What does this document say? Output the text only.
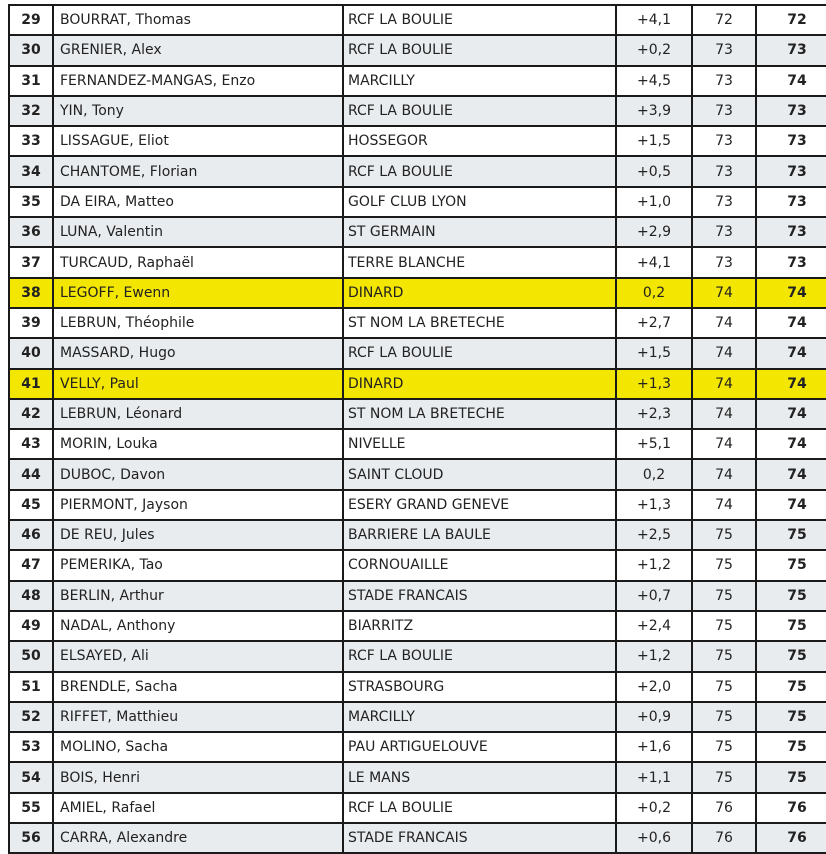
29	BOURRAT, Thomas	RCF LA BOULIE	+4,1	72	72
30	GRENIER, Alex	RCF LA BOULIE	+0,2	73	73
31	FERNANDEZ-MANGAS, Enzo	MARCILLY	+4,5	73	74
32	YIN, Tony	RCF LA BOULIE	+3,9	73	73
33	LISSAGUE, Eliot	HOSSEGOR	+1,5	73	73
34	CHANTOME, Florian	RCF LA BOULIE	+0,5	73	73
35	DA EIRA, Matteo	GOLF CLUB LYON	+1,0	73	73
36	LUNA, Valentin	ST GERMAIN	+2,9	73	73
37	TURCAUD, Raphaël	TERRE BLANCHE	+4,1	73	73
38	LEGOFF, Ewenn	DINARD	0,2	74	74
39	LEBRUN, Théophile	ST NOM LA BRETECHE	+2,7	74	74
40	MASSARD, Hugo	RCF LA BOULIE	+1,5	74	74
41	VELLY, Paul	DINARD	+1,3	74	74
42	LEBRUN, Léonard	ST NOM LA BRETECHE	+2,3	74	74
43	MORIN, Louka	NIVELLE	+5,1	74	74
44	DUBOC, Davon	SAINT CLOUD	0,2	74	74
45	PIERMONT, Jayson	ESERY GRAND GENEVE	+1,3	74	74
46	DE REU, Jules	BARRIERE LA BAULE	+2,5	75	75
47	PEMERIKA, Tao	CORNOUAILLE	+1,2	75	75
48	BERLIN, Arthur	STADE FRANCAIS	+0,7	75	75
49	NADAL, Anthony	BIARRITZ	+2,4	75	75
50	ELSAYED, Ali	RCF LA BOULIE	+1,2	75	75
51	BRENDLE, Sacha	STRASBOURG	+2,0	75	75
52	RIFFET, Matthieu	MARCILLY	+0,9	75	75
53	MOLINO, Sacha	PAU ARTIGUELOUVE	+1,6	75	75
54	BOIS, Henri	LE MANS	+1,1	75	75
55	AMIEL, Rafael	RCF LA BOULIE	+0,2	76	76
56	CARRA, Alexandre	STADE FRANCAIS	+0,6	76	76
